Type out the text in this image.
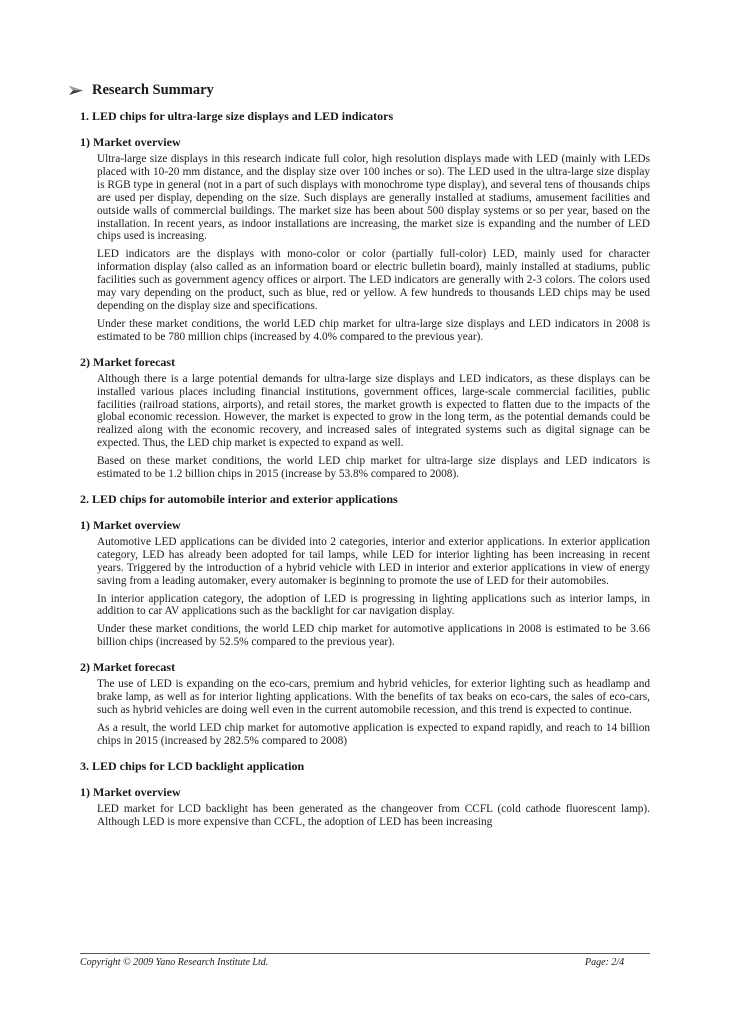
Research Summary
1. LED chips for ultra-large size displays and LED indicators
1) Market overview
Ultra-large size displays in this research indicate full color, high resolution displays made with LED (mainly with LEDs placed with 10-20 mm distance, and the display size over 100 inches or so). The LED used in the ultra-large size display is RGB type in general (not in a part of such displays with monochrome type display), and several tens of thousands chips are used per display, depending on the size. Such displays are generally installed at stadiums, amusement facilities and outside walls of commercial buildings. The market size has been about 500 display systems or so per year, based on the installation. In recent years, as indoor installations are increasing, the market size is expanding and the number of LED chips used is increasing.
LED indicators are the displays with mono-color or color (partially full-color) LED, mainly used for character information display (also called as an information board or electric bulletin board), mainly installed at stadiums, public facilities such as government agency offices or airport. The LED indicators are generally with 2-3 colors. The colors used may vary depending on the product, such as blue, red or yellow. A few hundreds to thousands LED chips may be used depending on the display size and specifications.
Under these market conditions, the world LED chip market for ultra-large size displays and LED indicators in 2008 is estimated to be 780 million chips (increased by 4.0% compared to the previous year).
2) Market forecast
Although there is a large potential demands for ultra-large size displays and LED indicators, as these displays can be installed various places including financial institutions, government offices, large-scale commercial facilities, public facilities (railroad stations, airports), and retail stores, the market growth is expected to flatten due to the impacts of the global economic recession. However, the market is expected to grow in the long term, as the potential demands could be realized along with the economic recovery, and increased sales of integrated systems such as digital signage can be expected. Thus, the LED chip market is expected to expand as well.
Based on these market conditions, the world LED chip market for ultra-large size displays and LED indicators is estimated to be 1.2 billion chips in 2015 (increase by 53.8% compared to 2008).
2. LED chips for automobile interior and exterior applications
1) Market overview
Automotive LED applications can be divided into 2 categories, interior and exterior applications. In exterior application category, LED has already been adopted for tail lamps, while LED for interior lighting has been increasing in recent years. Triggered by the introduction of a hybrid vehicle with LED in interior and exterior applications in view of energy saving from a leading automaker, every automaker is beginning to promote the use of LED for their automobiles.
In interior application category, the adoption of LED is progressing in lighting applications such as interior lamps, in addition to car AV applications such as the backlight for car navigation display.
Under these market conditions, the world LED chip market for automotive applications in 2008 is estimated to be 3.66 billion chips (increased by 52.5% compared to the previous year).
2) Market forecast
The use of LED is expanding on the eco-cars, premium and hybrid vehicles, for exterior lighting such as headlamp and brake lamp, as well as for interior lighting applications. With the benefits of tax beaks on eco-cars, the sales of eco-cars, such as hybrid vehicles are doing well even in the current automobile recession, and this trend is expected to continue.
As a result, the world LED chip market for automotive application is expected to expand rapidly, and reach to 14 billion chips in 2015 (increased by 282.5% compared to 2008)
3. LED chips for LCD backlight application
1) Market overview
LED market for LCD backlight has been generated as the changeover from CCFL (cold cathode fluorescent lamp). Although LED is more expensive than CCFL, the adoption of LED has been increasing
Copyright © 2009 Yano Research Institute Ltd.	Page: 2/4
